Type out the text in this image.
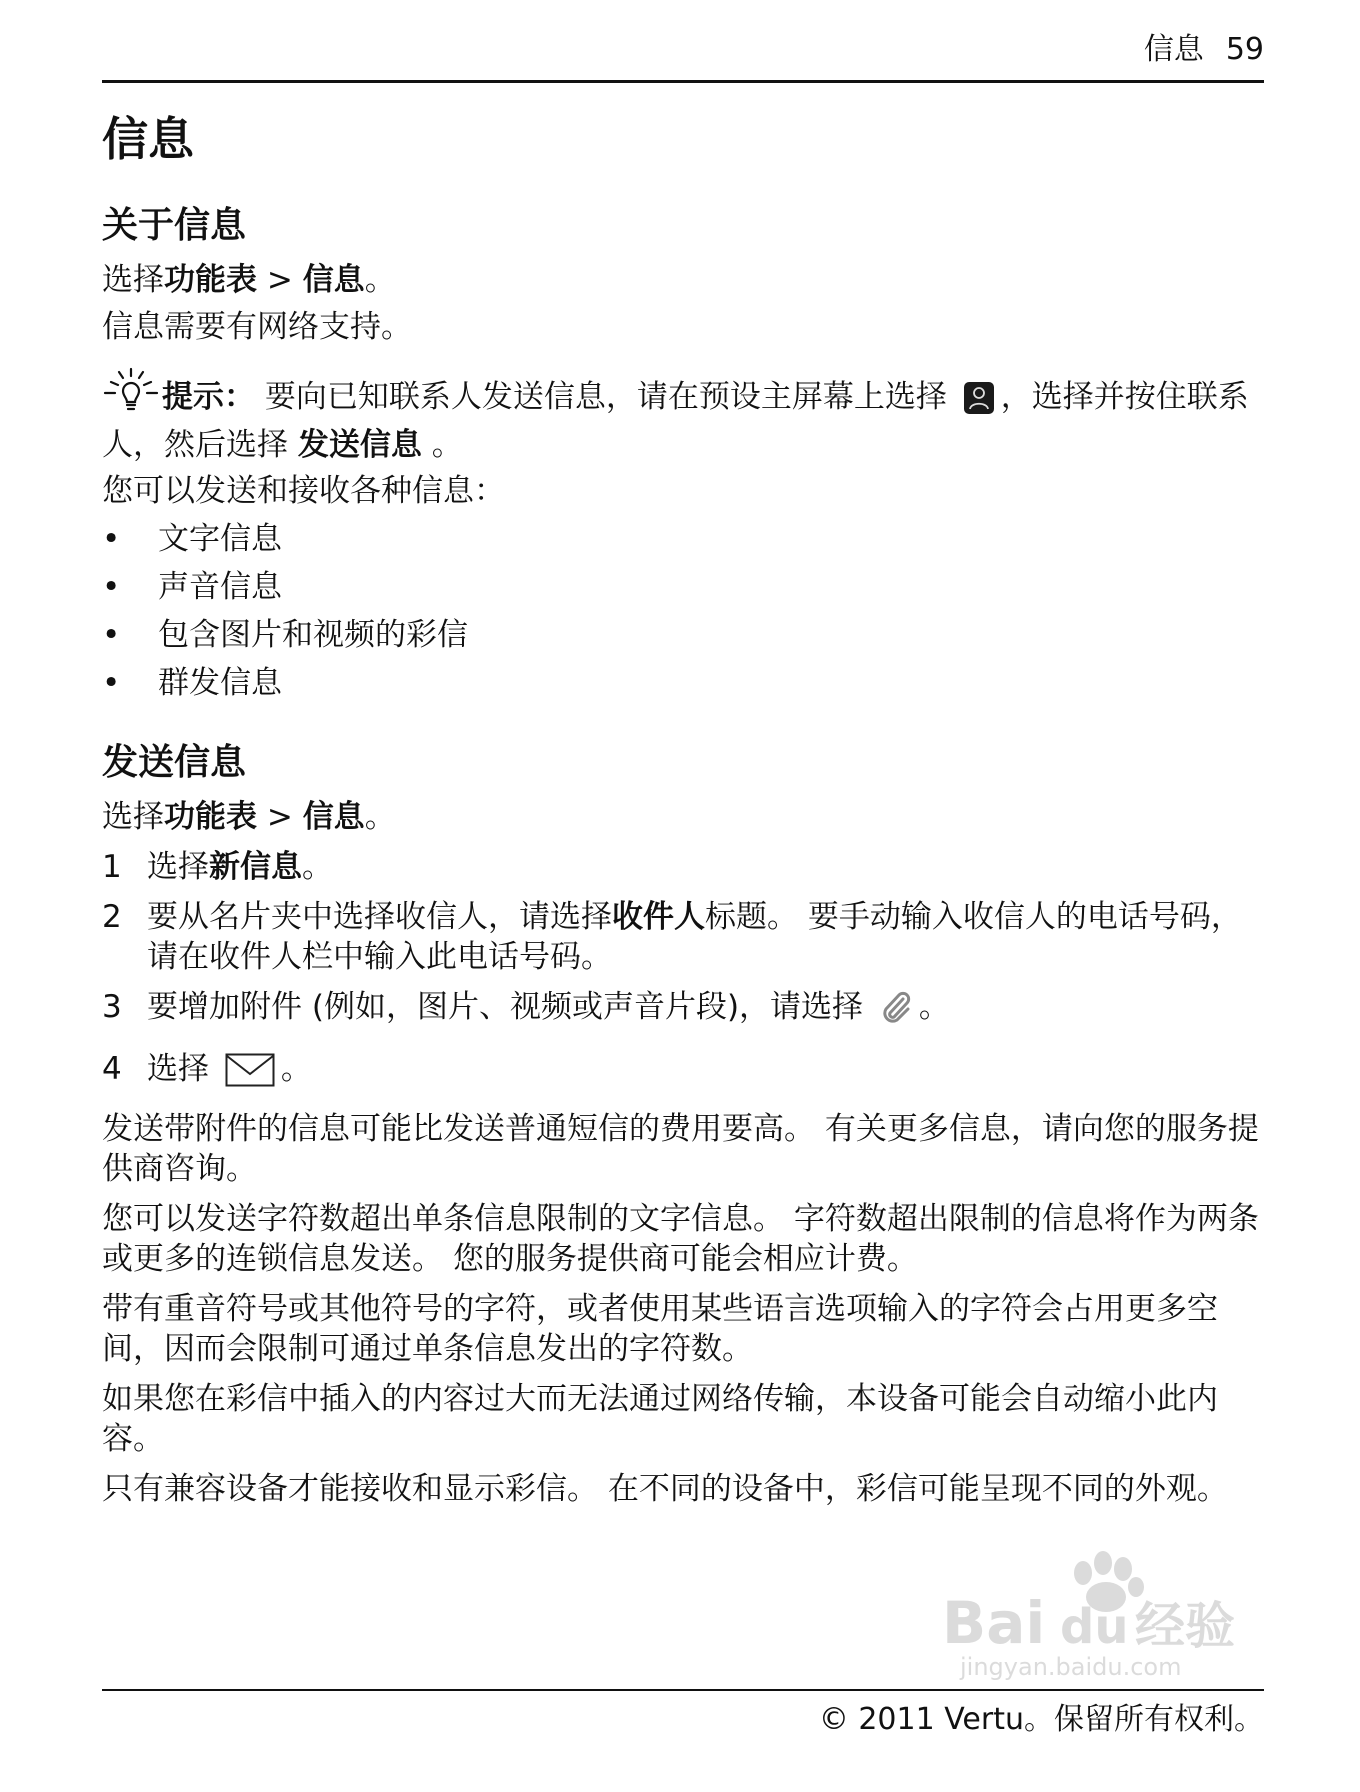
信息 59
信息
关于信息

选择功能表 > 信息。

信息需要有网络支持。

提示： 要向已知联系人发送信息，请在预设主屏幕上选择 ，选择并按住联系人，然后选择 发送信息 。

您可以发送和接收各种信息：

• 文字信息
• 声音信息
• 包含图片和视频的彩信
• 群发信息
发送信息

选择功能表 > 信息。

1 选择新信息。
2 要从名片夹中选择收信人，请选择收件人标题。 要手动输入收信人的电话号码，请在收件人栏中输入此电话号码。
3 要增加附件 (例如，图片、视频或声音片段)，请选择 。
4 选择 。

发送带附件的信息可能比发送普通短信的费用要高。 有关更多信息，请向您的服务提供商咨询。

您可以发送字符数超出单条信息限制的文字信息。 字符数超出限制的信息将作为两条或更多的连锁信息发送。 您的服务提供商可能会相应计费。

带有重音符号或其他符号的字符，或者使用某些语言选项输入的字符会占用更多空间，因而会限制可通过单条信息发出的字符数。

如果您在彩信中插入的内容过大而无法通过网络传输，本设备可能会自动缩小此内容。

只有兼容设备才能接收和显示彩信。 在不同的设备中，彩信可能呈现不同的外观。

Bai du 经验
jingyan.baidu.com
© 2011 Vertu。保留所有权利。
